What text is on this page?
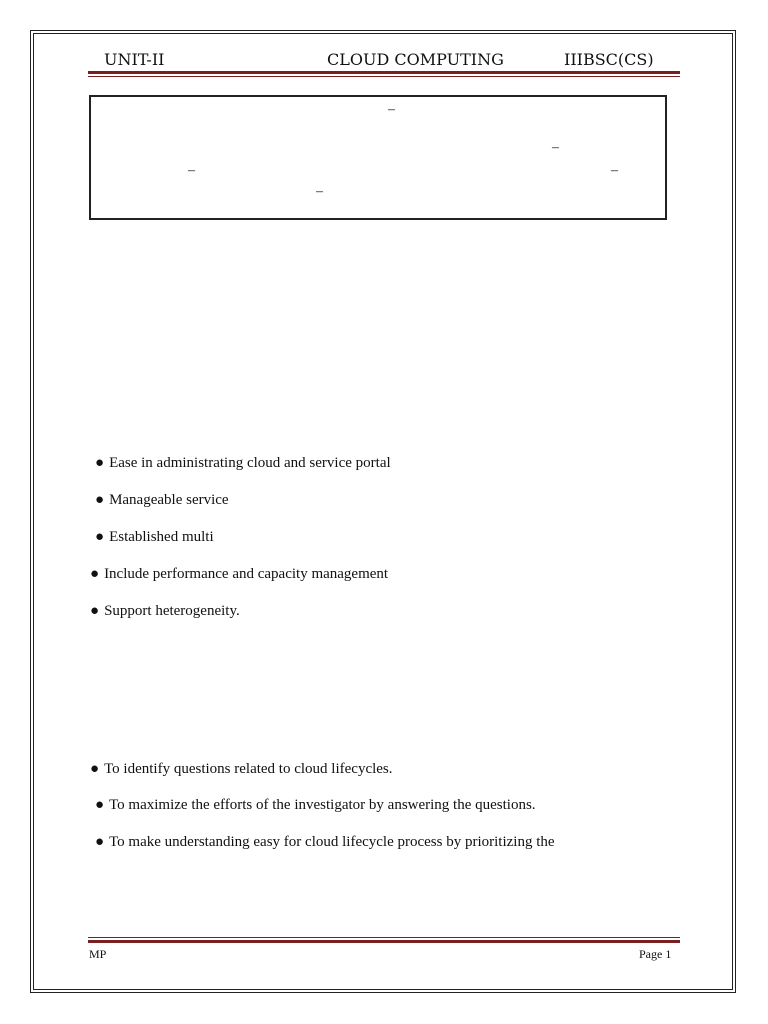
UNIT-II	CLOUD COMPUTING	IIIBSC(CS)
–
–
–	–
–
● Ease in administrating cloud and service portal
● Manageable service
● Established multi
● Include performance and capacity management
● Support heterogeneity.
● To identify questions related to cloud lifecycles.
● To maximize the efforts of the investigator by answering the questions.
● To make understanding easy for cloud lifecycle process by prioritizing the
MP	Page 1
